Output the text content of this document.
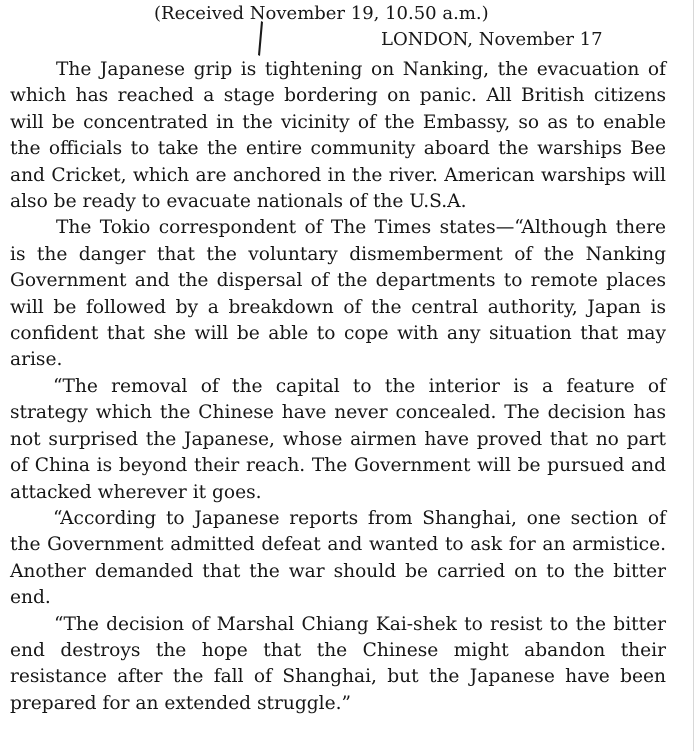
(Received November 19, 10.50 a.m.)
LONDON, November 17

The Japanese grip is tightening on Nanking, the evacuation of which has reached a stage bordering on panic. All British citizens will be concentrated in the vicinity of the Embassy, so as to enable the officials to take the entire community aboard the warships Bee and Cricket, which are anchored in the river. American warships will also be ready to evacuate nationals of the U.S.A.

The Tokio correspondent of The Times states—“Although there is the danger that the voluntary dismemberment of the Nanking Government and the dispersal of the departments to remote places will be followed by a breakdown of the central authority, Japan is confident that she will be able to cope with any situation that may arise.

“The removal of the capital to the interior is a feature of strategy which the Chinese have never concealed. The decision has not surprised the Japanese, whose airmen have proved that no part of China is beyond their reach. The Government will be pursued and attacked wherever it goes.

“According to Japanese reports from Shanghai, one section of the Government admitted defeat and wanted to ask for an armistice. Another demanded that the war should be carried on to the bitter end.

“The decision of Marshal Chiang Kai-shek to resist to the bitter end destroys the hope that the Chinese might abandon their resistance after the fall of Shanghai, but the Japanese have been prepared for an extended struggle.”
